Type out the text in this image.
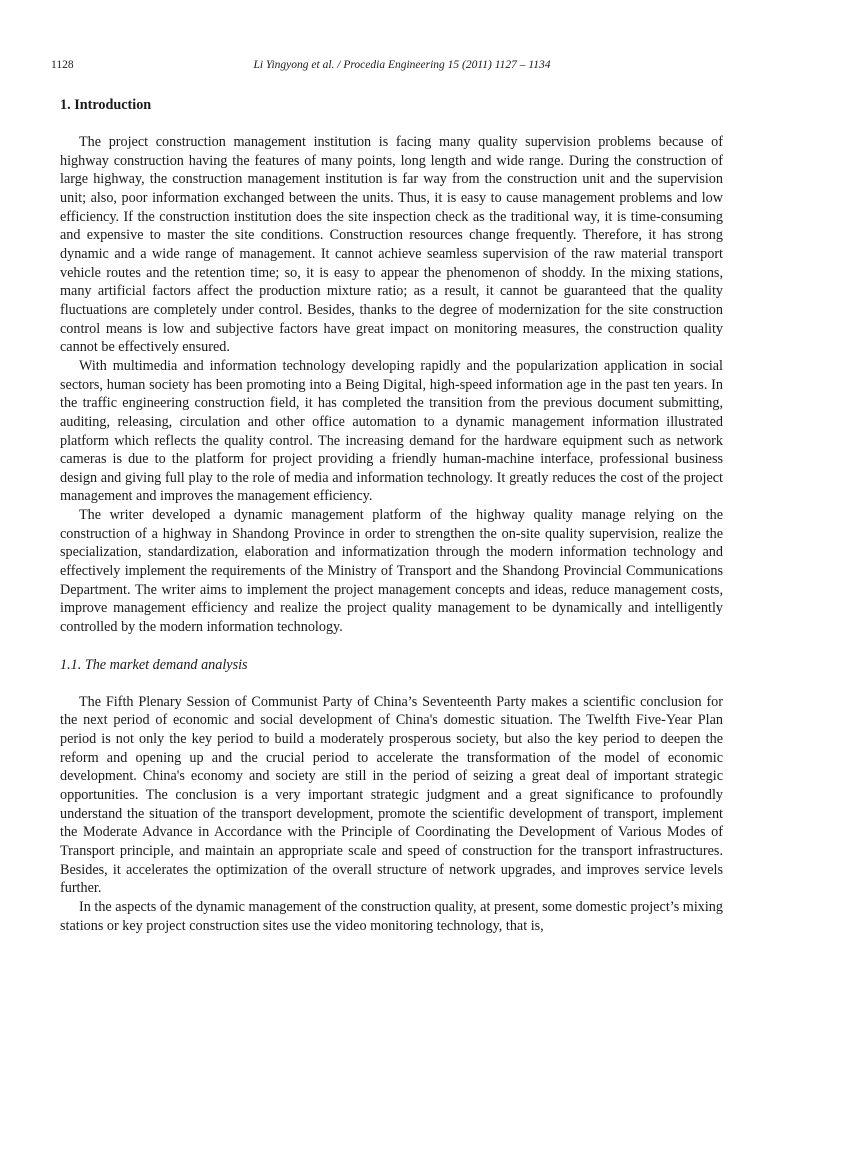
1128	Li Yingyong et al. / Procedia Engineering 15 (2011) 1127 – 1134
1. Introduction

The project construction management institution is facing many quality supervision problems because of highway construction having the features of many points, long length and wide range. During the construction of large highway, the construction management institution is far way from the construction unit and the supervision unit; also, poor information exchanged between the units. Thus, it is easy to cause management problems and low efficiency. If the construction institution does the site inspection check as the traditional way, it is time-consuming and expensive to master the site conditions. Construction resources change frequently. Therefore, it has strong dynamic and a wide range of management. It cannot achieve seamless supervision of the raw material transport vehicle routes and the retention time; so, it is easy to appear the phenomenon of shoddy. In the mixing stations, many artificial factors affect the production mixture ratio; as a result, it cannot be guaranteed that the quality fluctuations are completely under control. Besides, thanks to the degree of modernization for the site construction control means is low and subjective factors have great impact on monitoring measures, the construction quality cannot be effectively ensured.

With multimedia and information technology developing rapidly and the popularization application in social sectors, human society has been promoting into a Being Digital, high-speed information age in the past ten years. In the traffic engineering construction field, it has completed the transition from the previous document submitting, auditing, releasing, circulation and other office automation to a dynamic management information illustrated platform which reflects the quality control. The increasing demand for the hardware equipment such as network cameras is due to the platform for project providing a friendly human-machine interface, professional business design and giving full play to the role of media and information technology. It greatly reduces the cost of the project management and improves the management efficiency.

The writer developed a dynamic management platform of the highway quality manage relying on the construction of a highway in Shandong Province in order to strengthen the on-site quality supervision, realize the specialization, standardization, elaboration and informatization through the modern information technology and effectively implement the requirements of the Ministry of Transport and the Shandong Provincial Communications Department. The writer aims to implement the project management concepts and ideas, reduce management costs, improve management efficiency and realize the project quality management to be dynamically and intelligently controlled by the modern information technology.

1.1. The market demand analysis

The Fifth Plenary Session of Communist Party of China’s Seventeenth Party makes a scientific conclusion for the next period of economic and social development of China's domestic situation. The Twelfth Five-Year Plan period is not only the key period to build a moderately prosperous society, but also the key period to deepen the reform and opening up and the crucial period to accelerate the transformation of the model of economic development. China's economy and society are still in the period of seizing a great deal of important strategic opportunities. The conclusion is a very important strategic judgment and a great significance to profoundly understand the situation of the transport development, promote the scientific development of transport, implement the Moderate Advance in Accordance with the Principle of Coordinating the Development of Various Modes of Transport principle, and maintain an appropriate scale and speed of construction for the transport infrastructures. Besides, it accelerates the optimization of the overall structure of network upgrades, and improves service levels further.

In the aspects of the dynamic management of the construction quality, at present, some domestic project’s mixing stations or key project construction sites use the video monitoring technology, that is,
